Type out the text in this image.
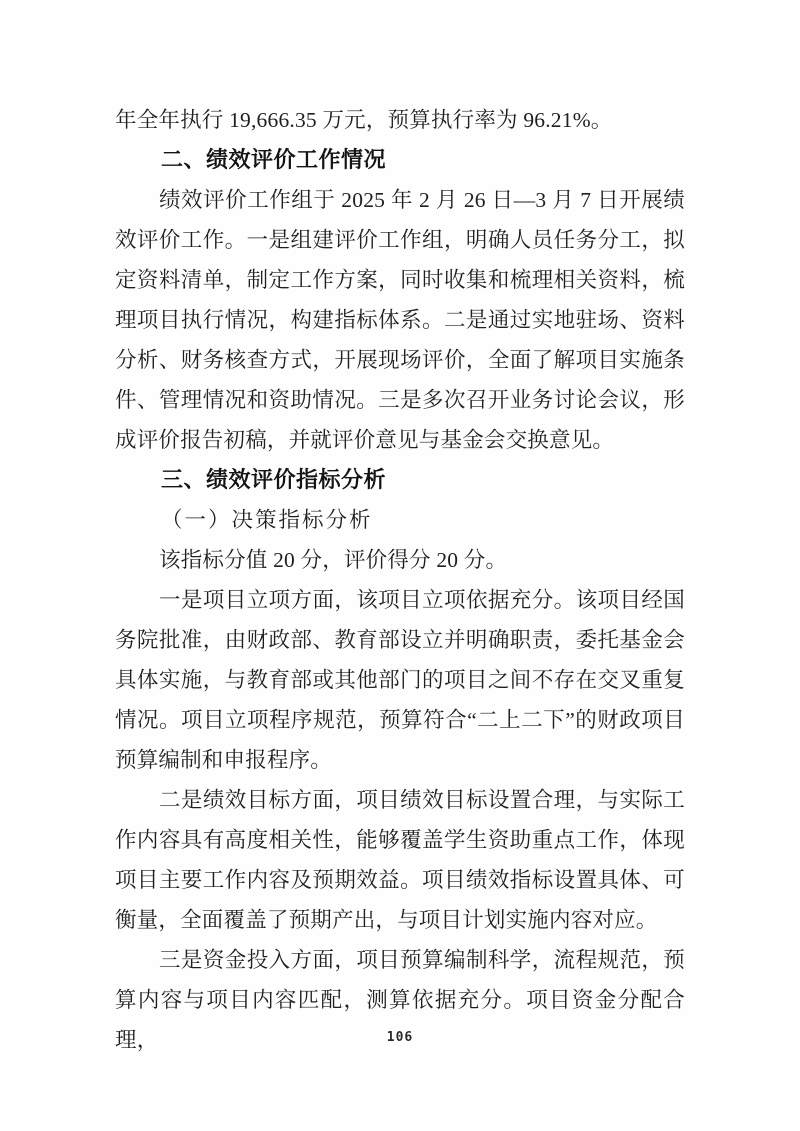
年全年执行 19,666.35 万元，预算执行率为 96.21%。

二、绩效评价工作情况

绩效评价工作组于 2025 年 2 月 26 日—3 月 7 日开展绩效评价工作。一是组建评价工作组，明确人员任务分工，拟定资料清单，制定工作方案，同时收集和梳理相关资料，梳理项目执行情况，构建指标体系。二是通过实地驻场、资料分析、财务核查方式，开展现场评价，全面了解项目实施条件、管理情况和资助情况。三是多次召开业务讨论会议，形成评价报告初稿，并就评价意见与基金会交换意见。

三、绩效评价指标分析

（一）决策指标分析

该指标分值 20 分，评价得分 20 分。

一是项目立项方面，该项目立项依据充分。该项目经国务院批准，由财政部、教育部设立并明确职责，委托基金会具体实施，与教育部或其他部门的项目之间不存在交叉重复情况。项目立项程序规范，预算符合“二上二下”的财政项目预算编制和申报程序。

二是绩效目标方面，项目绩效目标设置合理，与实际工作内容具有高度相关性，能够覆盖学生资助重点工作，体现项目主要工作内容及预期效益。项目绩效指标设置具体、可衡量，全面覆盖了预期产出，与项目计划实施内容对应。

三是资金投入方面，项目预算编制科学，流程规范，预算内容与项目内容匹配，测算依据充分。项目资金分配合理，	106
